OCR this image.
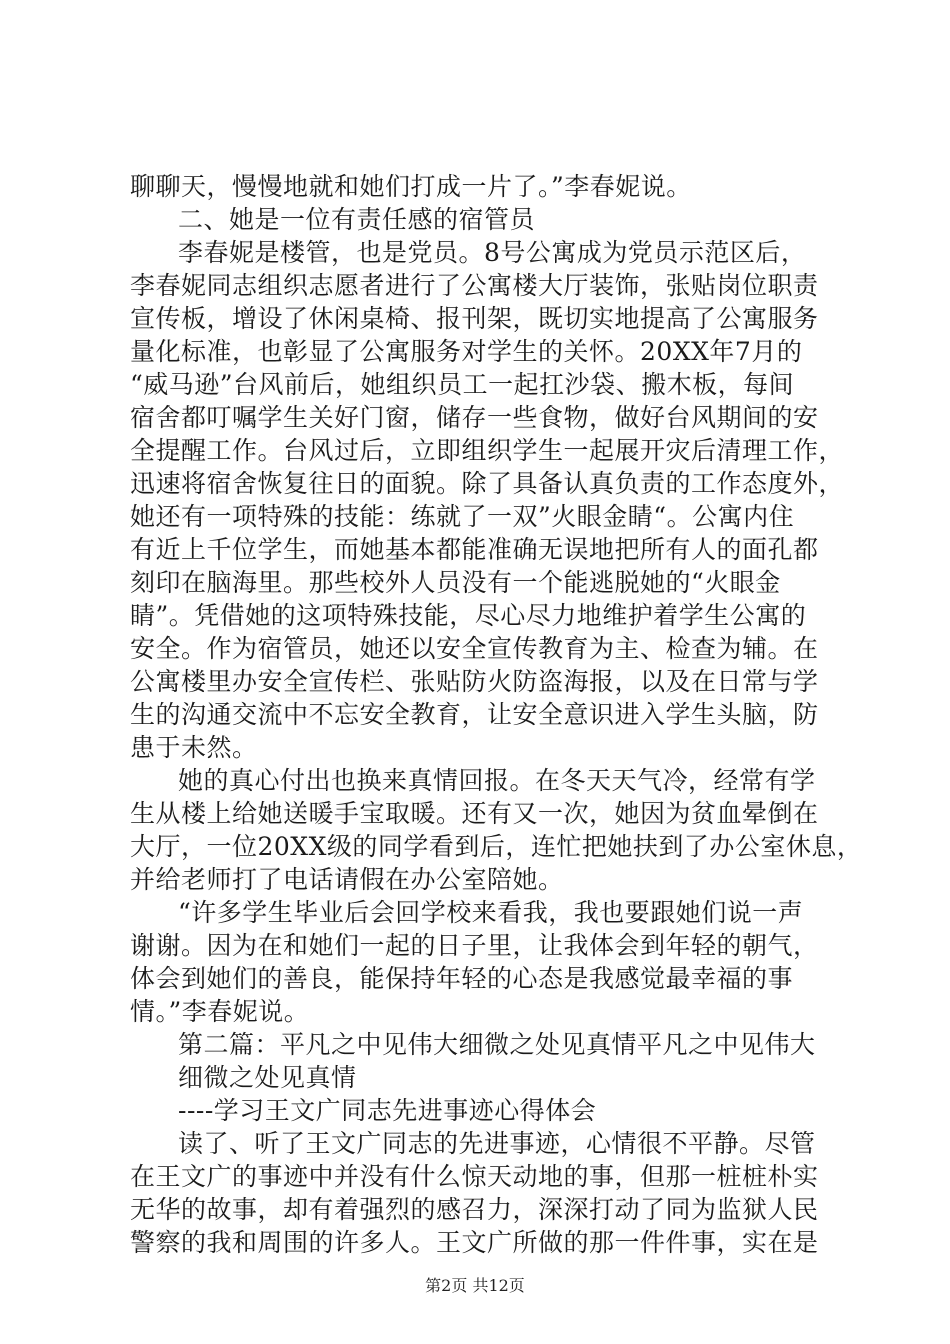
聊聊天，慢慢地就和她们打成一片了。”李春妮说。
二、她是一位有责任感的宿管员
李春妮是楼管，也是党员。8号公寓成为党员示范区后，
李春妮同志组织志愿者进行了公寓楼大厅装饰，张贴岗位职责
宣传板，增设了休闲桌椅、报刊架，既切实地提高了公寓服务
量化标准，也彰显了公寓服务对学生的关怀。20XX年7月的
“威马逊”台风前后，她组织员工一起扛沙袋、搬木板，每间
宿舍都叮嘱学生关好门窗，储存一些食物，做好台风期间的安
全提醒工作。台风过后，立即组织学生一起展开灾后清理工作，
迅速将宿舍恢复往日的面貌。除了具备认真负责的工作态度外，
她还有一项特殊的技能：练就了一双”火眼金睛“。公寓内住
有近上千位学生，而她基本都能准确无误地把所有人的面孔都
刻印在脑海里。那些校外人员没有一个能逃脱她的“火眼金
睛”。凭借她的这项特殊技能，尽心尽力地维护着学生公寓的
安全。作为宿管员，她还以安全宣传教育为主、检查为辅。在
公寓楼里办安全宣传栏、张贴防火防盗海报，以及在日常与学
生的沟通交流中不忘安全教育，让安全意识进入学生头脑，防
患于未然。
她的真心付出也换来真情回报。在冬天天气冷，经常有学
生从楼上给她送暖手宝取暖。还有又一次，她因为贫血晕倒在
大厅，一位20XX级的同学看到后，连忙把她扶到了办公室休息，
并给老师打了电话请假在办公室陪她。
“许多学生毕业后会回学校来看我，我也要跟她们说一声
谢谢。因为在和她们一起的日子里，让我体会到年轻的朝气，
体会到她们的善良，能保持年轻的心态是我感觉最幸福的事
情。”李春妮说。
第二篇：平凡之中见伟大细微之处见真情平凡之中见伟大
细微之处见真情
----学习王文广同志先进事迹心得体会
读了、听了王文广同志的先进事迹，心情很不平静。尽管
在王文广的事迹中并没有什么惊天动地的事，但那一桩桩朴实
无华的故事，却有着强烈的感召力，深深打动了同为监狱人民
第2页 共12页
警察的我和周围的许多人。王文广所做的那一件件事，实在是
